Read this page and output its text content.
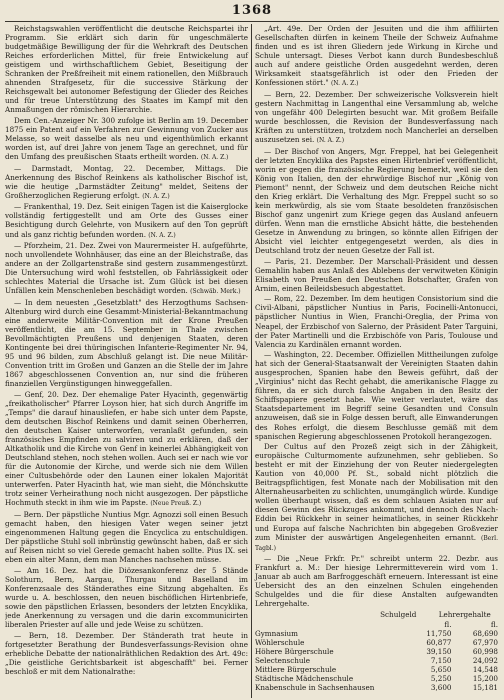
1368

Reichstagswahlen veröffentlicht die deutsche Reichspartei ihr Programm. Sie erklärt sich darin für ungeschmälerte budgetmäßige Bewilligung der für die Wehrkraft des Deutschen Reiches erforderlichen Mittel, für freie Entwickelung auf geistigem und wirthschaftlichem Gebiet, Beseitigung der Schranken der Preßfreiheit mit einem rationellen, den Mißbrauch ahnenden Strafgesetz, für die successive Stärkung der Reichsgewalt bei autonomer Befestigung der Glieder des Reiches und für treue Unterstützung des Staates im Kampf mit den Anmaßungen der römischen Hierarchie.

Dem Cen.-Anzeiger Nr. 300 zufolge ist Berlin am 19. December 1875 ein Patent auf ein Verfahren zur Gewinnung von Zucker aus Melasse, so weit dasselbe als neu und eigenthümlich erkannt worden ist, auf drei Jahre von jenem Tage an gerechnet, und für den Umfang des preußischen Staats ertheilt worden. (N. A. Z.)

— Darmstadt, Montag, 22. December, Mittags. Die Anerkennung des Bischof Reinkens als katholischer Bischof ist, wie die heutige „Darmstädter Zeitung" meldet, Seitens der Großherzoglichen Regierung erfolgt. (N. A. Z.)

— Frankenthal, 19. Dez. Seit einigen Tagen ist die Kaiserglocke vollständig fertiggestellt und am Orte des Gusses einer Besichtigung durch Gelehrte, von Musikern auf den Ton geprüft und als ganz richtig befunden worden. (N. A. Z.)

— Pforzheim, 21. Dez. Zwei von Maurermeister H. aufgeführte, noch unvollendete Wohnhäuser, das eine an der Bleichstraße, das andere an der Zollgartenstraße sind gestern zusammengestürzt. Die Untersuchung wird wohl feststellen, ob Fahrlässigkeit oder schlechtes Material die Ursache ist. Zum Glück ist bei diesen Unfällen kein Menschenleben beschädigt worden. (Schwäb. Merk.)

— In dem neuesten „Gesetzblatt" des Herzogthums Sachsen-Altenburg wird durch eine Gesammt-Ministerial-Bekanntmachung eine anderweite Militär-Convention mit der Krone Preußen veröffentlicht, die am 15. September in Thale zwischen Bevollmächtigten Preußens und denjenigen Staaten, deren Kontingente bei drei thüringischen Infanterie-Regimenter Nr. 94, 95 und 96 bilden, zum Abschluß gelangt ist. Die neue Militär-Convention tritt im Großen und Ganzen an die Stelle der im Jahre 1867 abgeschlossenen Convention an, nur sind die früheren finanziellen Vergünstigungen hinweggefallen.

— Genf, 20. Dez. Der ehemalige Pater Hyacinth, gegenwärtig „freikatholischer" Pfarrer Loyson hier, hat sich durch Angriffe im „Temps" die darauf hinausliefen, er habe sich unter dem Papste, dem deutschen Bischof Reinkens und damit seinen Oberherren, den deutschen Kaiser unterworfen, veranlaßt gefunden, sein französisches Empfinden zu salviren und zu erklären, daß der Altkatholik und die Kirche von Genf in keinerlei Abhängigkeit von Deutschland stehen, noch stehen wollen. Auch sei er nach wie vor für die Autonomie der Kirche, und werde sich nie dem Willen einer Cultusbehörde oder den Launen einer lokalen Majorität unterwerfen. Pater Hyacinth hat, wie man sieht, die Mönchskutte trotz seiner Verheirathung noch nicht ausgezogen. Der päpstliche Hochmuth steckt in ihm wie im Papste. (Neue Preuß. Z.)

— Bern. Der päpstliche Nuntius Mgr. Agnozzi soll einen Besuch gemacht haben, den hiesigen Vater wegen seiner jetzt eingenommenen Haltung gegen die Encyclica zu entschuldigen. Der päpstliche Stuhl soll inbrünstig gewünscht haben, daß er sich auf Reisen nicht so viel Gerede gemacht haben sollte. Pius IX. sei eben ein alter Mann, dem man Manches nachsehen müsse.

— Am 16. Dez. hat die Diözesankonferenz der 5 Stände Solothurn, Bern, Aargau, Thurgau und Baselland im Konferenzsaale des Ständerathes eine Sitzung abgehalten. Es wurde u. A. beschlossen, den neuen bischöflichen Hirtenbriefe, sowie den päpstlichen Erlassen, besonders der letzten Encyklika, jede Anerkennung zu versagen und die darin excommunicirten liberalen Priester auf alle und jede Weise zu schützen.

— Bern, 18. Dezember. Der Ständerath trat heute in fortgesetzter Berathung der Bundesverfassungs-Revision ohne erhebliche Debatte der nationalräthlichen Redaktion des Art. 49c: „Die geistliche Gerichtsbarkeit ist abgeschafft" bei. Ferner beschloß er mit dem Nationalrathe:

„Art. 49e. Der Orden der Jesuiten und die ihm affiliirten Gesellschaften dürfen in keinem Theile der Schweiz Aufnahme finden und es ist ihren Gliedern jede Wirkung in Kirche und Schule untersagt. Dieses Verbot kann durch Bundesbeschluß auch auf andere geistliche Orden ausgedehnt werden, deren Wirksamkeit staatsgefährlich ist oder den Frieden der Konfessionen stört." (N. A. Z.)

— Bern, 22. Dezember. Der schweizerische Volksverein hielt gestern Nachmittag in Langenthal eine Versammlung ab, welche von ungefähr 400 Delegirten besucht war. Mit großem Beifalle wurde beschlossen, die Revision der Bundesverfassung nach Kräften zu unterstützen, trotzdem noch Mancherlei an derselben auszusetzen sei. (N. A. Z.)

— Der Bischof von Angers, Mgr. Freppel, hat bei Gelegenheit der letzten Encyklika des Papstes einen Hirtenbrief veröffentlicht, worin er gegen die französische Regierung bemerkt, weil sie den König von Italien, den der ehrwürdige Bischof nur „König von Piemont" nennt, der Schweiz und dem deutschen Reiche nicht den Krieg erklärt. Die Verhaltung des Mgr. Freppel sucht so so kein merkwürdig, als sie vom Staate besoldeten französischen Bischof ganz ungenirt zum Kriege gegen das Ausland anfeuern dürfen. Wenn man die ernstliche Absicht hätte, die bestehenden Gesetze in Anwendung zu bringen, so könnte allen Eifrigen der Absicht viel leichter entgegengesetzt werden, als dies in Deutschland trotz der neuen Gesetze der Fall ist.

— Paris, 21. Dezember. Der Marschall-Präsident und dessen Gemahlin haben aus Anlaß des Ablebens der verwitweten Königin Elisabeth von Preußen den Deutschen Botschafter, Grafen von Arnim, einen Beileidsbesuch abgestattet.

— Rom, 22. Dezember. Im dem heutigen Consistorium sind die Civil-Albani, päpstlicher Nuntius in Paris, Focinelli-Antonucci, päpstlicher Nuntius in Wien, Franchi-Oreglia, der Prima von Neapel, der Erzbischof von Salerno, der Präsident Pater Targuini, der Pater Martinelli und die Erzbischöfe von Paris, Toulouse und Valencia zu Kardinälen ernannt worden.

— Washington, 22. December. Offiziellen Mittheilungen zufolge hat sich der General-Staatsanwalt der Vereinigten Staaten dahin ausgesprochen, Spanien habe den Beweis geführt, daß der „Virginius" nicht das Recht gehabt, die amerikanische Flagge zu führen, da er sich durch falsche Angaben in den Besitz der Schiffspapiere gesetzt habe. Wie weiter verlautet, wäre das Staatsdepartement im Begriff seine Gesandten und Consuln anzuweisen, daß sie in Folge dessen beruft, alle Einwanderungen des Rohes erfolgt, die diesem Beschlusse gemäß mit dem spanischen Regierung abgeschlossenen Protokoll herangezogen.

Der Cultus auf den Prozeß zeigt sich in der Zähigkeit, europäische Culturmomente aufzunehmen, sehr geblieben. So besteht er mit der Einziehung der von Reuter niedergelegten Kaution von 40,000 Pf. St., sobald nicht plötzlich die Beitragspflichtigen, fest Monate nach der Mobilisation mit den Alternaheusarbeiten zu schlichten, unumgänglich würde. Kundige wollen überhaupt wissen, daß es dem schlauen Asiaten nur auf diesen Gewinn des Rückzuges ankommt, und dennoch des Nach-Eddin bei Rückkehr in seiner heimatliches, in seiner Rückkehr und Europa auf falsche Nachrichten bin abgegeben Großvezier zum Minister der auswärtigen Angelegenheiten ernannt. (Berl. Tagbl.)

— Die „Neue Frkfr. Pr." schreibt unterm 22. Dezbr. aus Frankfurt a. M.: Der hiesige Lehrermitteverein wird vom 1. Januar ab auch am Barfroggeschäft erneuern. Interessant ist eine Uebersicht des an den einzelnen Schulen eingehenden Schulgeldes und die für diese Anstalten aufgewandten Lehrergehalte.

Schulgeld	Lehrergehalte
	fl.	fl.
Gymnasium	11,750	68,690
Wöhlerschule	60,877	67,970
Höhere Bürgerschule	39,150	60,998
Selectenschule	7,150	24,092
Mittlere Bürgerschule	5,650	14,548
Städtische Mädchenschule	5,250	15,200
Knabenschule in Sachsenhausen	3,600	15,181
